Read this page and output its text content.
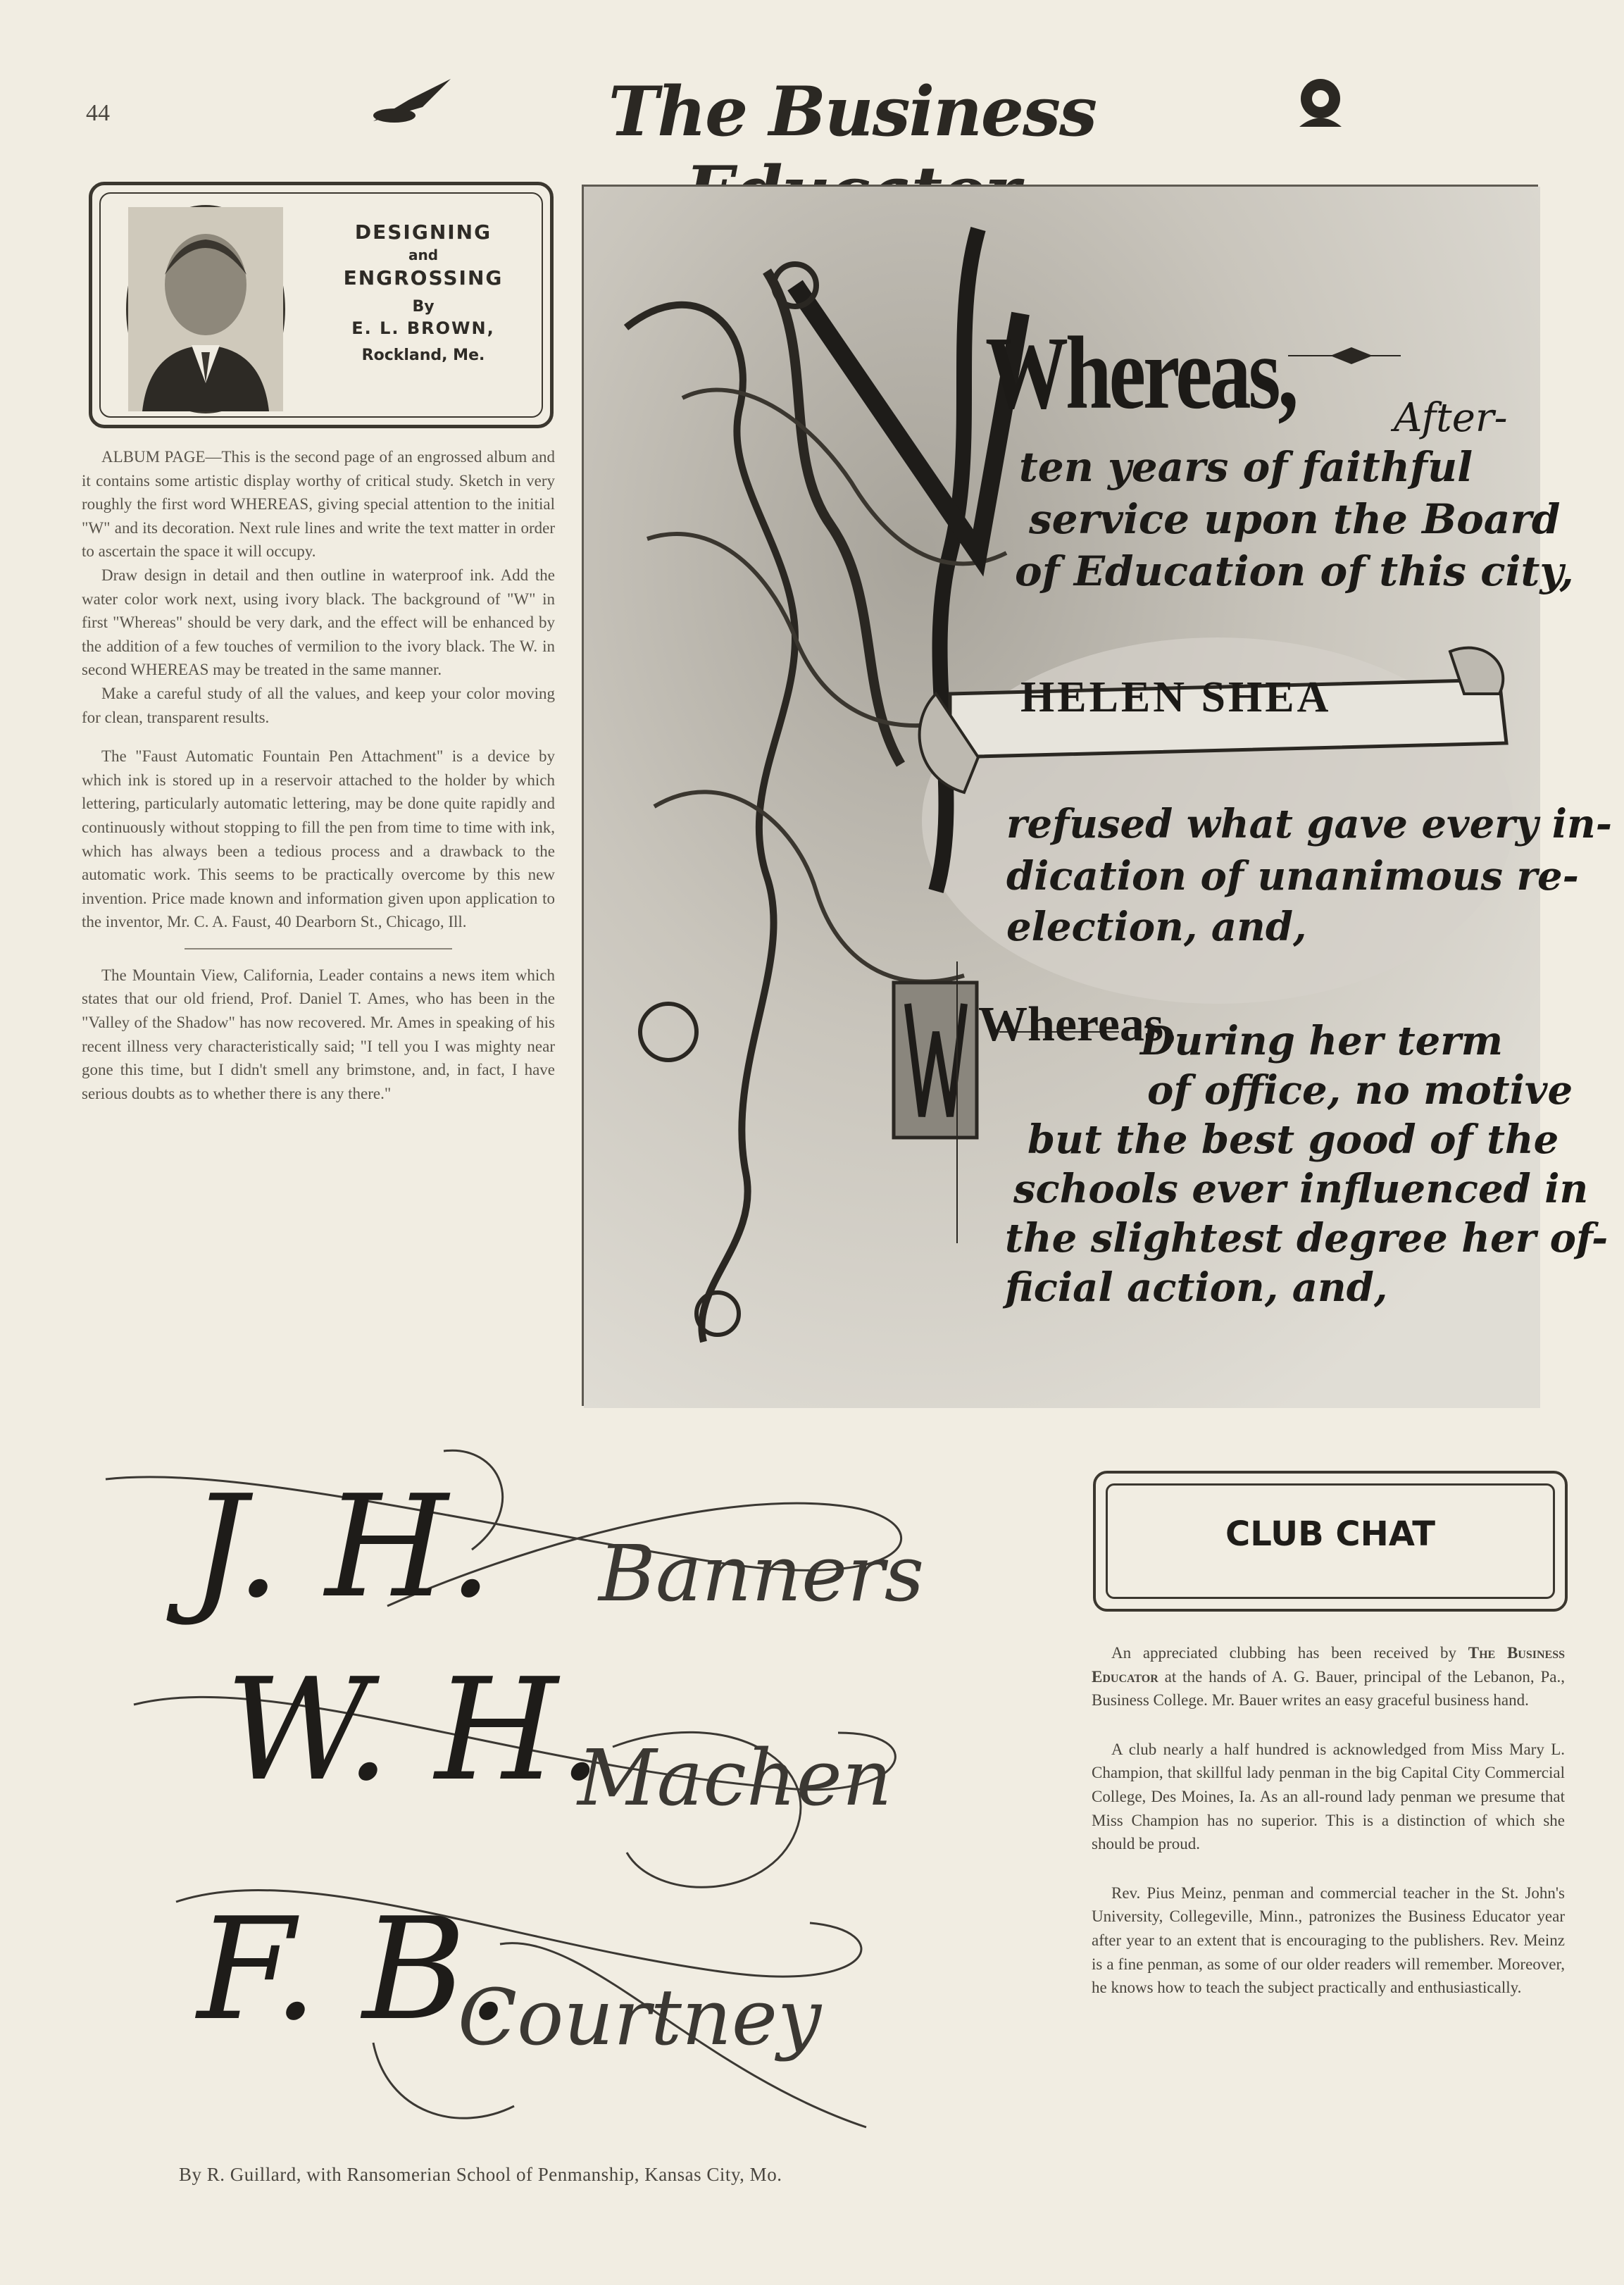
44	The Business
DESIGNING
and
ENGROSSING
By
E. L. BROWN,
Rockland, Me.

ALBUM PAGE—This is the second page of an engrossed album and it contains some artistic display worthy of critical study. Sketch in very roughly the first word WHEREAS, giving special attention to the initial "W" and its decoration. Next rule lines and write the text matter in order to ascertain the space it will occupy.

Draw design in detail and then outline in waterproof ink. Add the water color work next, using ivory black. The background of "W" in first "Whereas" should be very dark, and the effect will be enhanced by the addition of a few touches of vermilion to the ivory black. The W. in second WHEREAS may be treated in the same manner.

Make a careful study of all the values, and keep your color moving for clean, transparent results.

The "Faust Automatic Fountain Pen Attachment" is a device by which ink is stored up in a reservoir attached to the holder by which lettering, particularly automatic lettering, may be done quite rapidly and continuously without stopping to fill the pen from time to time with ink, which has always been a tedious process and a drawback to the automatic work. This seems to be practically overcome by this new invention. Price made known and information given upon application to the inventor, Mr. C. A. Faust, 40 Dearborn St., Chicago, Ill.

The Mountain View, California, Leader contains a news item which states that our old friend, Prof. Daniel T. Ames, who has been in the "Valley of the Shadow" has now recovered. Mr. Ames in speaking of his recent illness very characteristically said; "I tell you I was mighty near gone this time, but I didn't smell any brimstone, and, in fact, I have serious doubts as to whether there is any there."

Whereas, After-
ten years of faithful
service upon the Board
of Education of this city,
HELEN SHEA
refused what gave every in-
dication of unanimous re-
election, and,
Whereas,
During her term
of office, no motive
but the best good of the
schools ever influenced in
the slightest degree her of-
ficial action, and,
J. H. Banners
W. H.
Machen
F. B.
Courtney
By R. Guillard, with Ransomerian School of Penmanship, Kansas City, Mo.
CLUB CHAT

An appreciated clubbing has been received by The Business Educator at the hands of A. G. Bauer, principal of the Lebanon, Pa., Business College. Mr. Bauer writes an easy graceful business hand.

A club nearly a half hundred is acknowledged from Miss Mary L. Champion, that skillful lady penman in the big Capital City Commercial College, Des Moines, Ia. As an all-round lady penman we presume that Miss Champion has no superior. This is a distinction of which she should be proud.

Rev. Pius Meinz, penman and commercial teacher in the St. John's University, Collegeville, Minn., patronizes the Business Educator year after year to an extent that is encouraging to the publishers. Rev. Meinz is a fine penman, as some of our older readers will remember. Moreover, he knows how to teach the subject practically and enthusiastically.
